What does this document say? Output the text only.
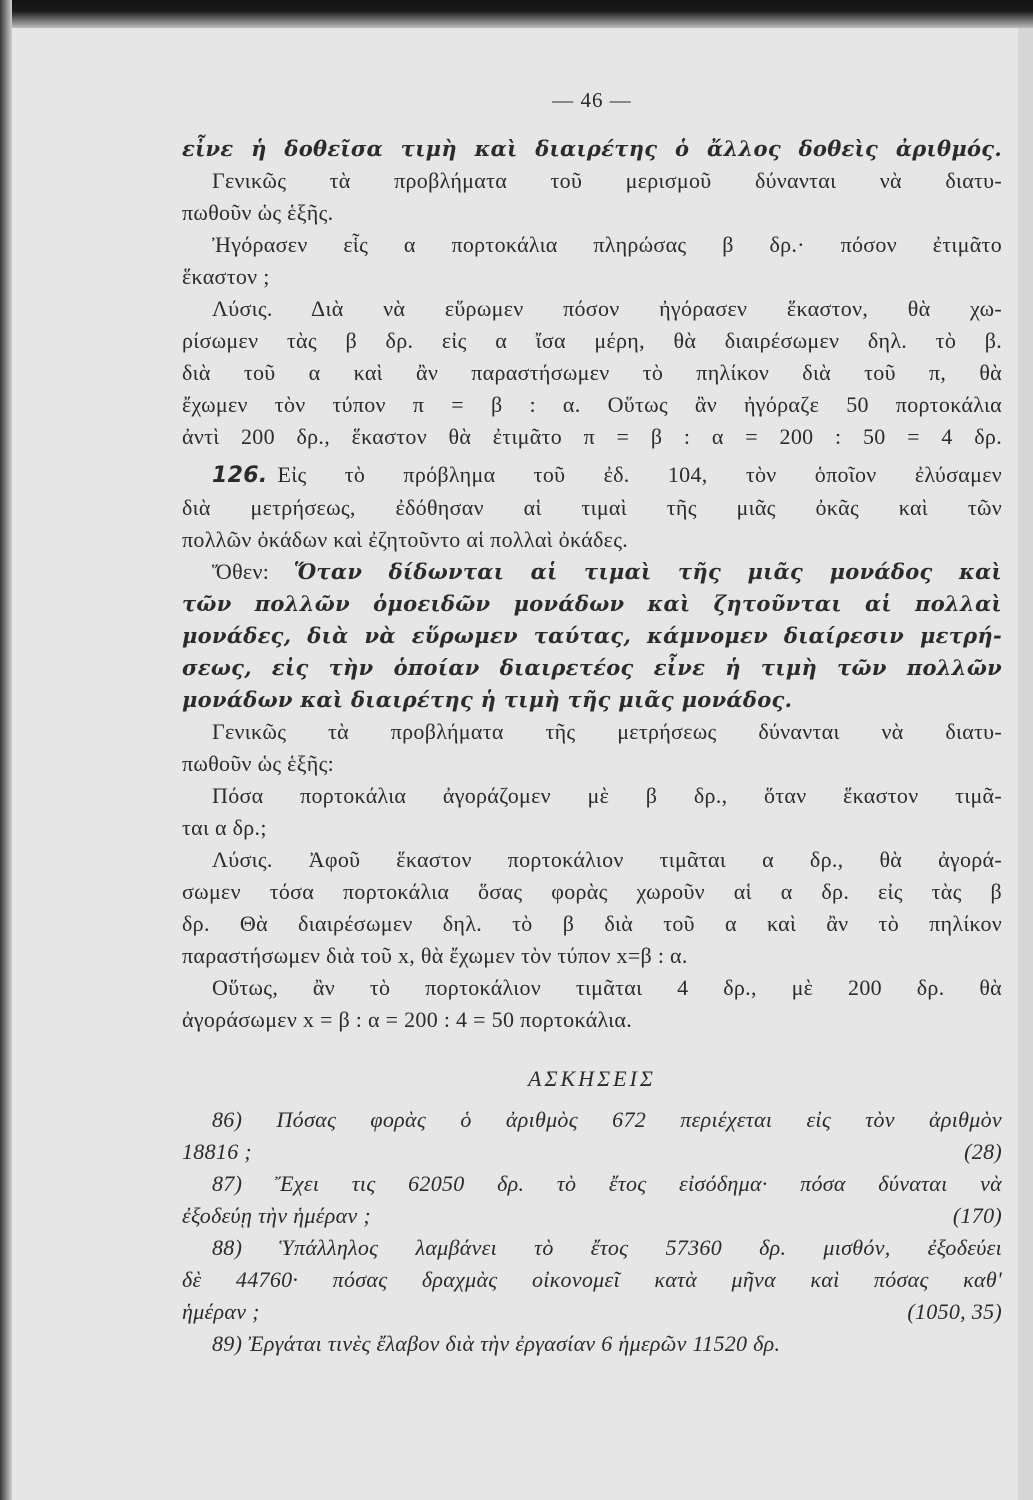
— 46 —
εἶνε ἡ δοθεῖσα τιμὴ καὶ διαιρέτης ὁ ἄλλος δοθεὶς ἀριθμός.
Γενικῶς τὰ προβλήματα τοῦ μερισμοῦ δύνανται νὰ διατυ-
πωθοῦν ὡς ἑξῆς.
Ἠγόρασεν εἷς α πορτοκάλια πληρώσας β δρ.· πόσον ἐτιμᾶτο
ἕκαστον ;
Λύσις. Διὰ νὰ εὕρωμεν πόσον ἠγόρασεν ἕκαστον, θὰ χω-
ρίσωμεν τὰς β δρ. εἰς α ἴσα μέρη, θὰ διαιρέσωμεν δηλ. τὸ β.
διὰ τοῦ α καὶ ἂν παραστήσωμεν τὸ πηλίκον διὰ τοῦ π, θὰ
ἔχωμεν τὸν τύπον π = β : α. Οὕτως ἂν ἠγόραζε 50 πορτοκάλια
ἀντὶ 200 δρ., ἕκαστον θὰ ἐτιμᾶτο π = β : α = 200 : 50 = 4 δρ.
126. Εἰς τὸ πρόβλημα τοῦ ἐδ. 104, τὸν ὁποῖον ἐλύσαμεν
διὰ μετρήσεως, ἐδόθησαν αἱ τιμαὶ τῆς μιᾶς ὀκᾶς καὶ τῶν
πολλῶν ὀκάδων καὶ ἐζητοῦντο αἱ πολλαὶ ὀκάδες.
Ὅθεν: Ὅταν δίδωνται αἱ τιμαὶ τῆς μιᾶς μονάδος καὶ
τῶν πολλῶν ὁμοειδῶν μονάδων καὶ ζητοῦνται αἱ πολλαὶ
μονάδες, διὰ νὰ εὕρωμεν ταύτας, κάμνομεν διαίρεσιν μετρή-
σεως, εἰς τὴν ὁποίαν διαιρετέος εἶνε ἡ τιμὴ τῶν πολλῶν
μονάδων καὶ διαιρέτης ἡ τιμὴ τῆς μιᾶς μονάδος.
Γενικῶς τὰ προβλήματα τῆς μετρήσεως δύνανται νὰ διατυ-
πωθοῦν ὡς ἑξῆς:
Πόσα πορτοκάλια ἀγοράζομεν μὲ β δρ., ὅταν ἕκαστον τιμᾶ-
ται α δρ.;
Λύσις. Ἀφοῦ ἕκαστον πορτοκάλιον τιμᾶται α δρ., θὰ ἀγορά-
σωμεν τόσα πορτοκάλια ὅσας φορὰς χωροῦν αἱ α δρ. εἰς τὰς β
δρ. Θὰ διαιρέσωμεν δηλ. τὸ β διὰ τοῦ α καὶ ἂν τὸ πηλίκον
παραστήσωμεν διὰ τοῦ x, θὰ ἔχωμεν τὸν τύπον x=β : α.
Οὕτως, ἂν τὸ πορτοκάλιον τιμᾶται 4 δρ., μὲ 200 δρ. θὰ
ἀγοράσωμεν x = β : α = 200 : 4 = 50 πορτοκάλια.
ΑΣΚΗΣΕΙΣ
86) Πόσας φορὰς ὁ ἀριθμὸς 672 περιέχεται εἰς τὸν ἀριθμὸν
18816 ;	(28)
87) Ἔχει τις 62050 δρ. τὸ ἔτος εἰσόδημα· πόσα δύναται νὰ
ἐξοδεύῃ τὴν ἡμέραν ;	(170)
88) Ὑπάλληλος λαμβάνει τὸ ἔτος 57360 δρ. μισθόν, ἐξοδεύει
δὲ 44760· πόσας δραχμὰς οἰκονομεῖ κατὰ μῆνα καὶ πόσας καθ'
ἡμέραν ;	(1050, 35)
89) Ἐργάται τινὲς ἔλαβον διὰ τὴν ἐργασίαν 6 ἡμερῶν 11520 δρ.
